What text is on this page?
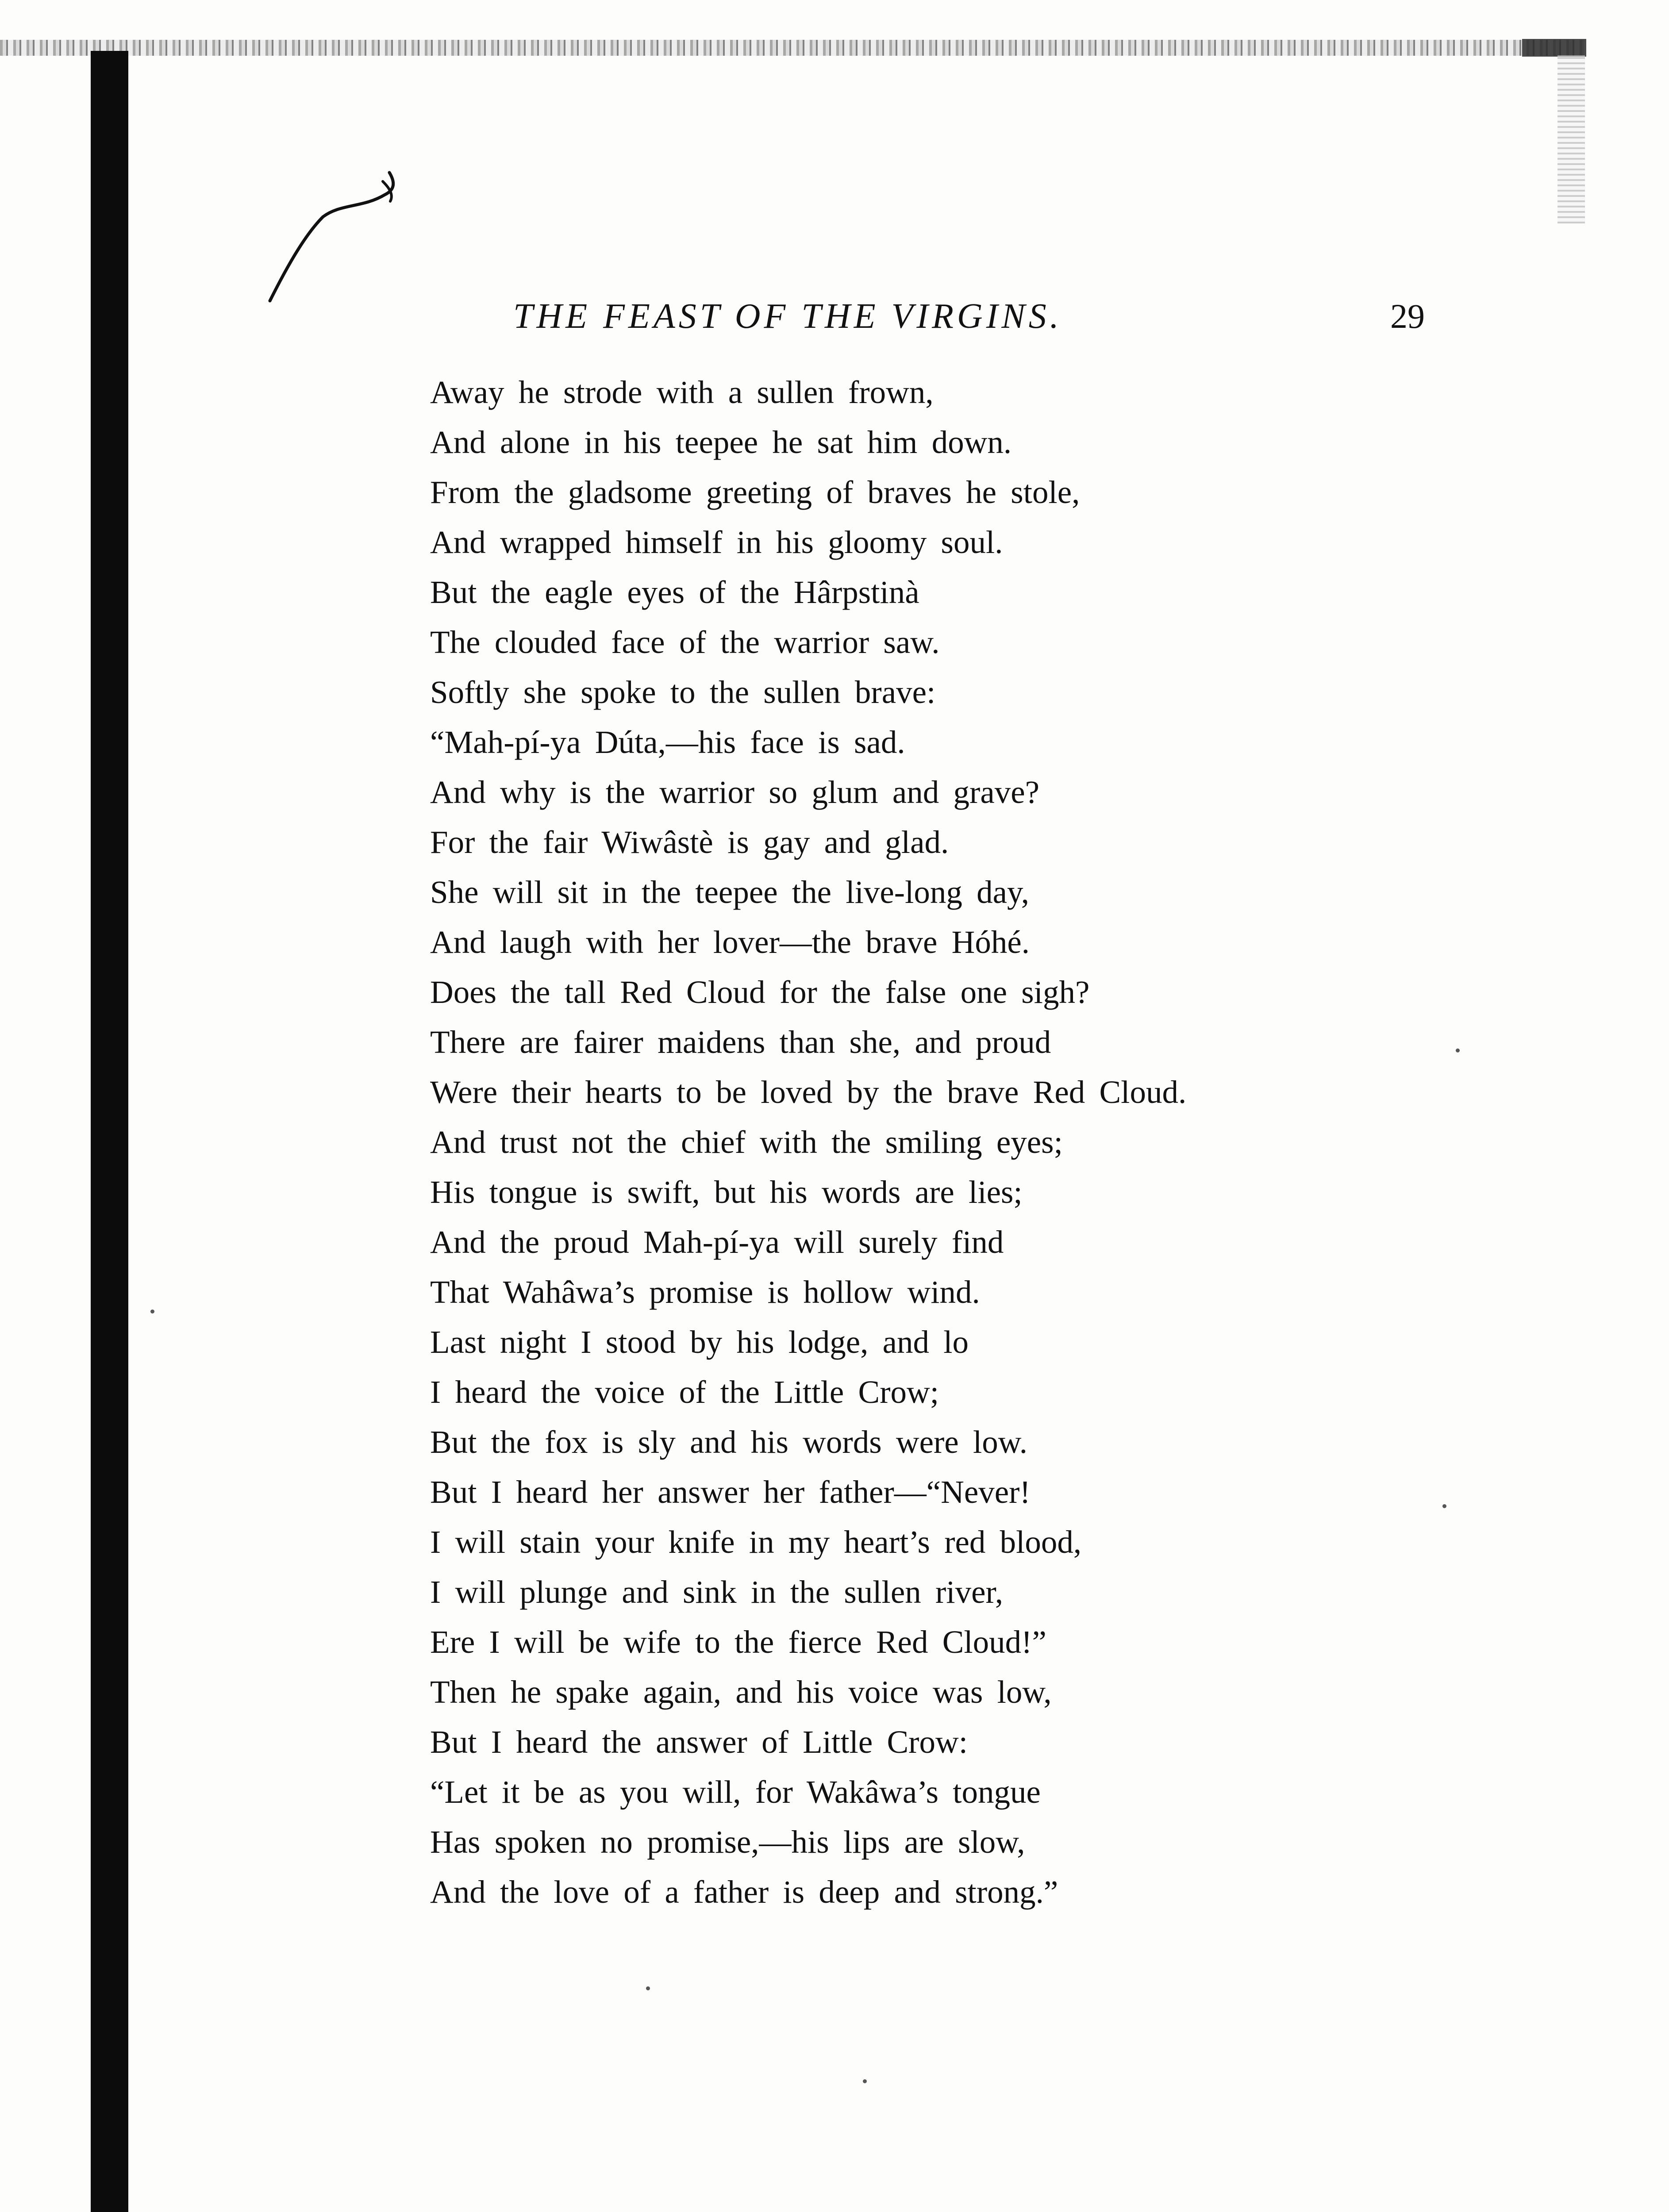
THE FEAST OF THE VIRGINS.	29
Away he strode with a sullen frown,
And alone in his teepee he sat him down.
From the gladsome greeting of braves he stole,
And wrapped himself in his gloomy soul.
But the eagle eyes of the Hârpstinà
The clouded face of the warrior saw.
Softly she spoke to the sullen brave:
“Mah-pí-ya Dúta,—his face is sad.
And why is the warrior so glum and grave?
For the fair Wiwâstè is gay and glad.
She will sit in the teepee the live-long day,
And laugh with her lover—the brave Hóhé.
Does the tall Red Cloud for the false one sigh?
There are fairer maidens than she, and proud
Were their hearts to be loved by the brave Red Cloud.
And trust not the chief with the smiling eyes;
His tongue is swift, but his words are lies;
And the proud Mah-pí-ya will surely find
That Wahâwa’s promise is hollow wind.
Last night I stood by his lodge, and lo
I heard the voice of the Little Crow;
But the fox is sly and his words were low.
But I heard her answer her father—“Never!
I will stain your knife in my heart’s red blood,
I will plunge and sink in the sullen river,
Ere I will be wife to the fierce Red Cloud!”
Then he spake again, and his voice was low,
But I heard the answer of Little Crow:
“Let it be as you will, for Wakâwa’s tongue
Has spoken no promise,—his lips are slow,
And the love of a father is deep and strong.”
